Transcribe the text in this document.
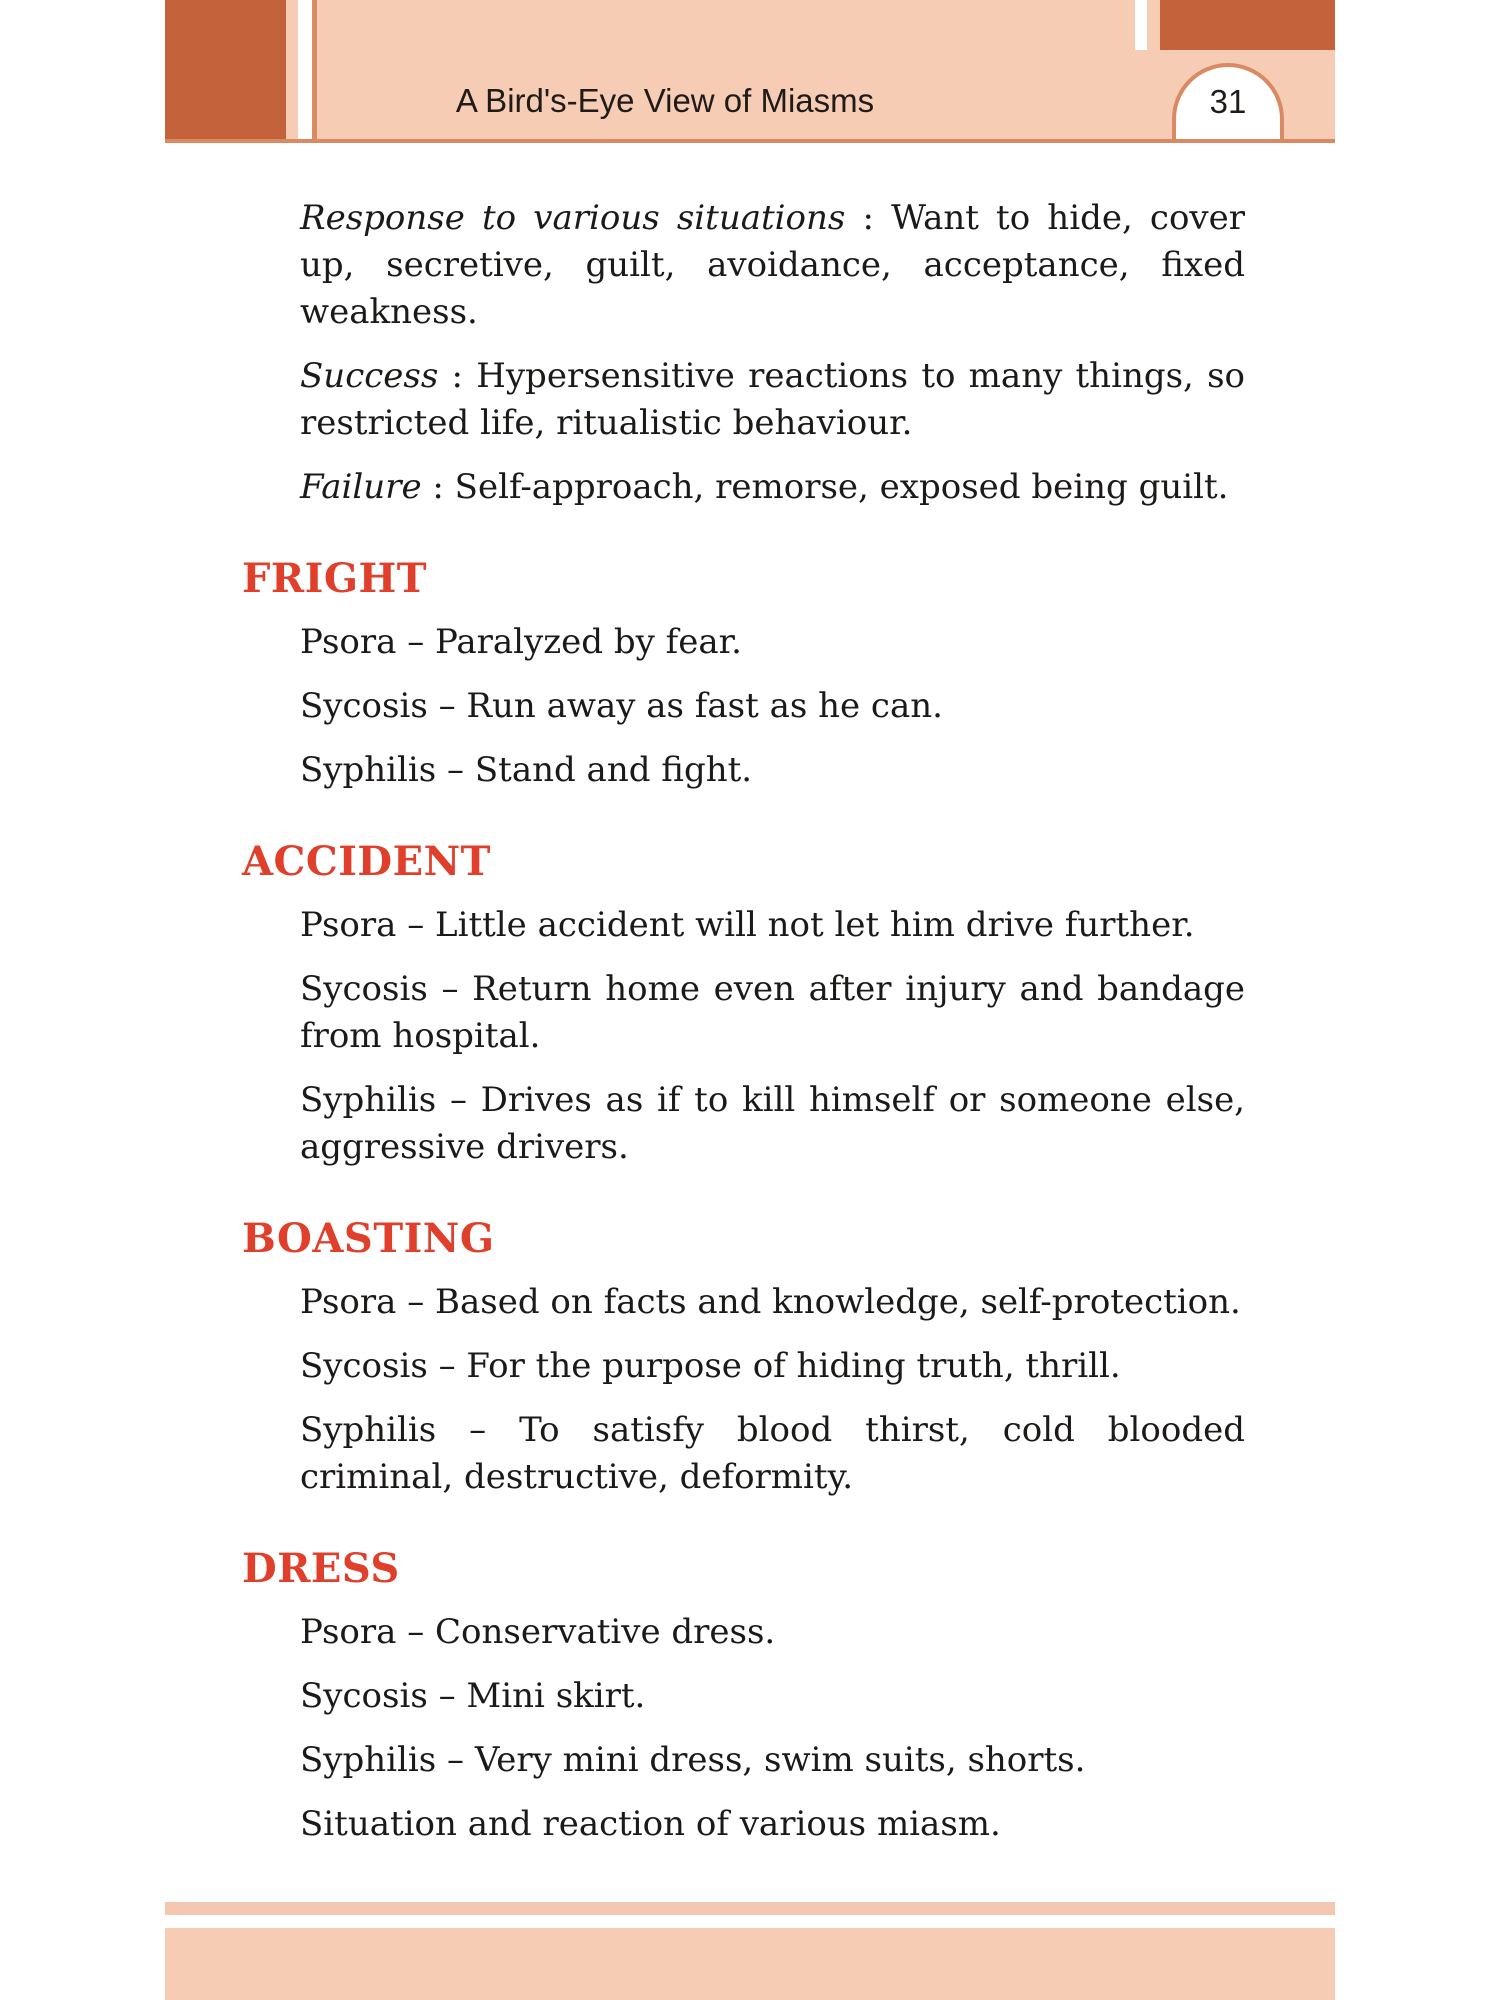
A Bird's-Eye View of Miasms	31

Response to various situations : Want to hide, cover up, secretive, guilt, avoidance, acceptance, fixed weakness.

Success : Hypersensitive reactions to many things, so restricted life, ritualistic behaviour.

Failure : Self-approach, remorse, exposed being guilt.

FRIGHT

Psora – Paralyzed by fear.

Sycosis – Run away as fast as he can.

Syphilis – Stand and fight.

ACCIDENT

Psora – Little accident will not let him drive further.

Sycosis – Return home even after injury and bandage from hospital.

Syphilis – Drives as if to kill himself or someone else, aggressive drivers.

BOASTING

Psora – Based on facts and knowledge, self-protection.

Sycosis – For the purpose of hiding truth, thrill.

Syphilis – To satisfy blood thirst, cold blooded criminal, destructive, deformity.

DRESS

Psora – Conservative dress.

Sycosis – Mini skirt.

Syphilis – Very mini dress, swim suits, shorts.

Situation and reaction of various miasm.
